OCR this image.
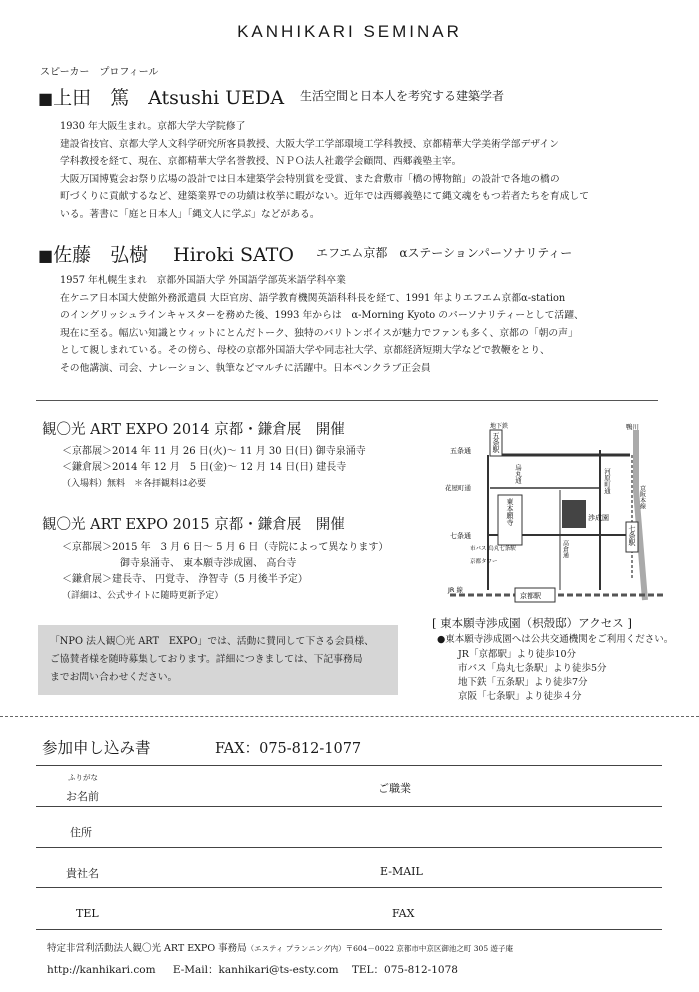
KANHIKARI SEMINAR
スピーカー　プロフィール
■上田　篤　Atsushi UEDA 生活空間と日本人を考究する建築学者
1930 年大阪生まれ。京都大学大学院修了
建設省技官、京都大学人文科学研究所客員教授、大阪大学工学部環境工学科教授、京都精華大学美術学部デザイン
学科教授を経て、現在、京都精華大学名誉教授、ＮＰＯ法人社叢学会顧問、西郷義塾主宰。
大阪万国博覧会お祭り広場の設計では日本建築学会特別賞を受賞、また倉敷市「橋の博物館」の設計で各地の橋の
町づくりに貢献するなど、建築業界での功績は枚挙に暇がない。近年では西郷義塾にて縄文魂をもつ若者たちを育成して
いる。著書に「庭と日本人」「縄文人に学ぶ」などがある。
■佐藤　弘樹　 Hiroki SATO エフエム京都　αステーションパーソナリティー
1957 年札幌生まれ　京都外国語大学 外国語学部英米語学科卒業
在ケニア日本国大使館外務派遣員 大臣官房、語学教育機関英語科科長を経て、1991 年よりエフエム京都α-station
のイングリッシュラインキャスターを務めた後、1993 年からは　α-Morning Kyoto のパーソナリティーとして活躍、
現在に至る。幅広い知識とウィットにとんだトーク、独特のバリトンボイスが魅力でファンも多く、京都の「朝の声」
として親しまれている。その傍ら、母校の京都外国語大学や同志社大学、京都経済短期大学などで教鞭をとり、
その他講演、司会、ナレーション、執筆などマルチに活躍中。日本ペンクラブ正会員
観〇光 ART EXPO 2014 京都・鎌倉展　開催
＜京都展＞2014 年 11 月 26 日(火)～ 11 月 30 日(日) 御寺泉涌寺
＜鎌倉展＞2014 年 12 月　5 日(金)～ 12 月 14 日(日) 建長寺
（入場料）無料　＊各拝観料は必要
観〇光 ART EXPO 2015 京都・鎌倉展　開催
＜京都展＞2015 年　3 月 6 日～ 5 月 6 日（寺院によって異なります）
御寺泉涌寺、 東本願寺渉成園、 高台寺
＜鎌倉展＞建長寺、 円覚寺、 浄智寺（5 月後半予定）
（詳細は、公式サイトに随時更新予定）
「NPO 法人観〇光 ART　EXPO」では、活動に賛同して下さる会員様、
ご協賛者様を随時募集しております。詳細につきましては、下記事務局
までお問い合わせください。
鴨川
地下鉄
五条駅
五条通
烏丸通	河原町通
京阪本線
花屋町通
東本願寺	渉成園
七条通
市バス 烏丸七条駅
京都タワー
高倉通
七条駅
JR 線
京都駅
[ 東本願寺渉成園（枳殻邸）アクセス ]
●東本願寺渉成園へは公共交通機関をご利用ください。
JR「京都駅」より徒歩10分
市バス「烏丸七条駅」より徒歩5分
地下鉄「五条駅」より徒歩7分
京阪「七条駅」より徒歩４分
参加申し込み書	FAX：075-812-1077
ふりがな
お名前
ご職業
住所
貴社名	E-MAIL
TEL	FAX
特定非営利活動法人観〇光 ART EXPO 事務局（エスティ プランニング内）〒604－0022 京都市中京区御池之町 305 遊子庵
http://kanhikari.com E-Mail：kanhikari@ts-esty.com TEL：075-812-1078
